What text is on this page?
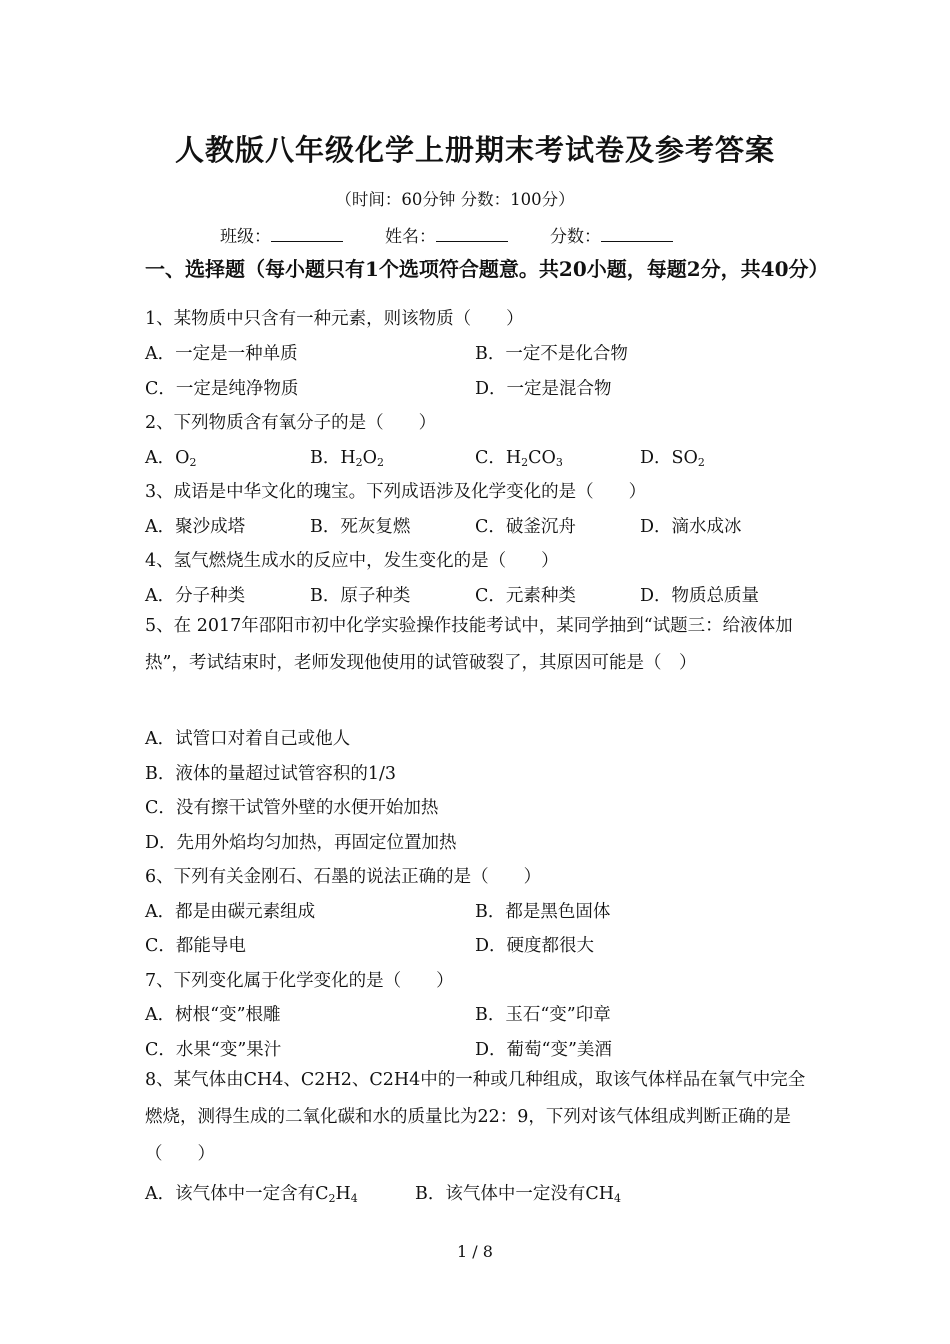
人教版八年级化学上册期末考试卷及参考答案
（时间：60分钟 分数：100分）
班级：	姓名：	分数：
一、选择题（每小题只有1个选项符合题意。共20小题，每题2分，共40分）
1、某物质中只含有一种元素，则该物质（　　）
A．一定是一种单质	B．一定不是化合物
C．一定是纯净物质	D．一定是混合物
2、下列物质含有氧分子的是（　　）
A．$O_2$	B．$H_2O_2$	C．$H_2CO_3$	D．$SO_2$
3、成语是中华文化的瑰宝。下列成语涉及化学变化的是（　　）
A．聚沙成塔	B．死灰复燃	C．破釜沉舟	D．滴水成冰
4、氢气燃烧生成水的反应中，发生变化的是（　　）
A．分子种类	B．原子种类	C．元素种类	D．物质总质量
5、在 2017年邵阳市初中化学实验操作技能考试中，某同学抽到“试题三：给液体加热”，考试结束时，老师发现他使用的试管破裂了，其原因可能是（　）
A．试管口对着自己或他人
B．液体的量超过试管容积的1/3
C．没有擦干试管外壁的水便开始加热
D．先用外焰均匀加热，再固定位置加热
6、下列有关金刚石、石墨的说法正确的是（　　）
A．都是由碳元素组成	B．都是黑色固体
C．都能导电	D．硬度都很大
7、下列变化属于化学变化的是（　　）
A．树根“变”根雕	B．玉石“变”印章
C．水果“变”果汁	D．葡萄“变”美酒
8、某气体由CH4、C2H2、C2H4中的一种或几种组成，取该气体样品在氧气中完全燃烧，测得生成的二氧化碳和水的质量比为22：9，下列对该气体组成判断正确的是（　　）
A．该气体中一定含有$C_2H_4$	B．该气体中一定没有$CH_4$
1 / 8
